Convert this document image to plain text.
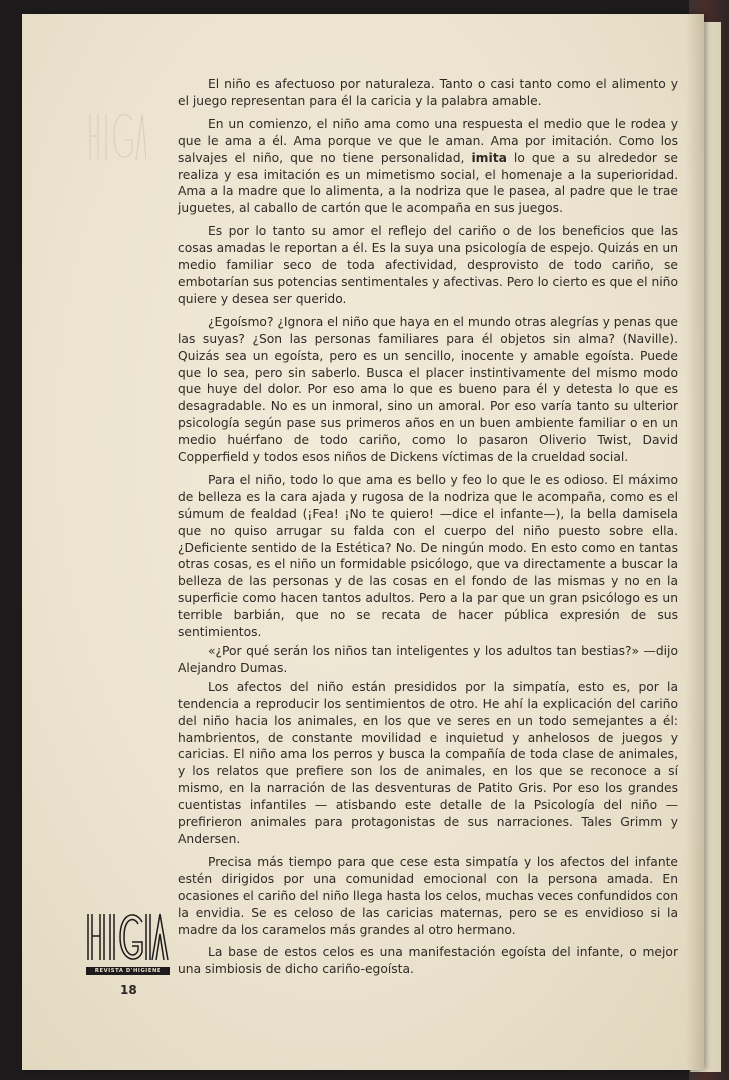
El niño es afectuoso por naturaleza. Tanto o casi tanto como el alimento y el juego representan para él la caricia y la palabra amable.

En un comienzo, el niño ama como una respuesta el medio que le rodea y que le ama a él. Ama porque ve que le aman. Ama por imitación. Como los salvajes el niño, que no tiene personalidad, imita lo que a su alrededor se realiza y esa imitación es un mimetismo social, el homenaje a la superioridad. Ama a la madre que lo alimenta, a la nodriza que le pasea, al padre que le trae juguetes, al caballo de cartón que le acompaña en sus juegos.

Es por lo tanto su amor el reflejo del cariño o de los beneficios que las cosas amadas le reportan a él. Es la suya una psicología de espejo. Quizás en un medio familiar seco de toda afectividad, desprovisto de todo cariño, se embotarían sus potencias sentimentales y afectivas. Pero lo cierto es que el niño quiere y desea ser querido.

¿Egoísmo? ¿Ignora el niño que haya en el mundo otras alegrías y penas que las suyas? ¿Son las personas familiares para él objetos sin alma? (Naville). Quizás sea un egoísta, pero es un sencillo, inocente y amable egoísta. Puede que lo sea, pero sin saberlo. Busca el placer instintivamente del mismo modo que huye del dolor. Por eso ama lo que es bueno para él y detesta lo que es desagradable. No es un inmoral, sino un amoral. Por eso varía tanto su ulterior psicología según pase sus primeros años en un buen ambiente familiar o en un medio huérfano de todo cariño, como lo pasaron Oliverio Twist, David Copperfield y todos esos niños de Dickens víctimas de la crueldad social.

Para el niño, todo lo que ama es bello y feo lo que le es odioso. El máximo de belleza es la cara ajada y rugosa de la nodriza que le acompaña, como es el súmum de fealdad (¡Fea! ¡No te quiero! —dice el infante—), la bella damisela que no quiso arrugar su falda con el cuerpo del niño puesto sobre ella. ¿Deficiente sentido de la Estética? No. De ningún modo. En esto como en tantas otras cosas, es el niño un formidable psicólogo, que va directamente a buscar la belleza de las personas y de las cosas en el fondo de las mismas y no en la superficie como hacen tantos adultos. Pero a la par que un gran psicólogo es un terrible barbián, que no se recata de hacer pública expresión de sus sentimientos.

«¿Por qué serán los niños tan inteligentes y los adultos tan bestias?» —dijo Alejandro Dumas.

Los afectos del niño están presididos por la simpatía, esto es, por la tendencia a reproducir los sentimientos de otro. He ahí la explicación del cariño del niño hacia los animales, en los que ve seres en un todo semejantes a él: hambrientos, de constante movilidad e inquietud y anhelosos de juegos y caricias. El niño ama los perros y busca la compañía de toda clase de animales, y los relatos que prefiere son los de animales, en los que se reconoce a sí mismo, en la narración de las desventuras de Patito Gris. Por eso los grandes cuentistas infantiles — atisbando este detalle de la Psicología del niño — prefirieron animales para protagonistas de sus narraciones. Tales Grimm y Andersen.

Precisa más tiempo para que cese esta simpatía y los afectos del infante estén dirigidos por una comunidad emocional con la persona amada. En ocasiones el cariño del niño llega hasta los celos, muchas veces confundidos con la envidia. Se es celoso de las caricias maternas, pero se es envidioso si la madre da los caramelos más grandes al otro hermano.

La base de estos celos es una manifestación egoísta del infante, o mejor una simbiosis de dicho cariño-egoísta.

REVISTA D'HIGIENE
18
